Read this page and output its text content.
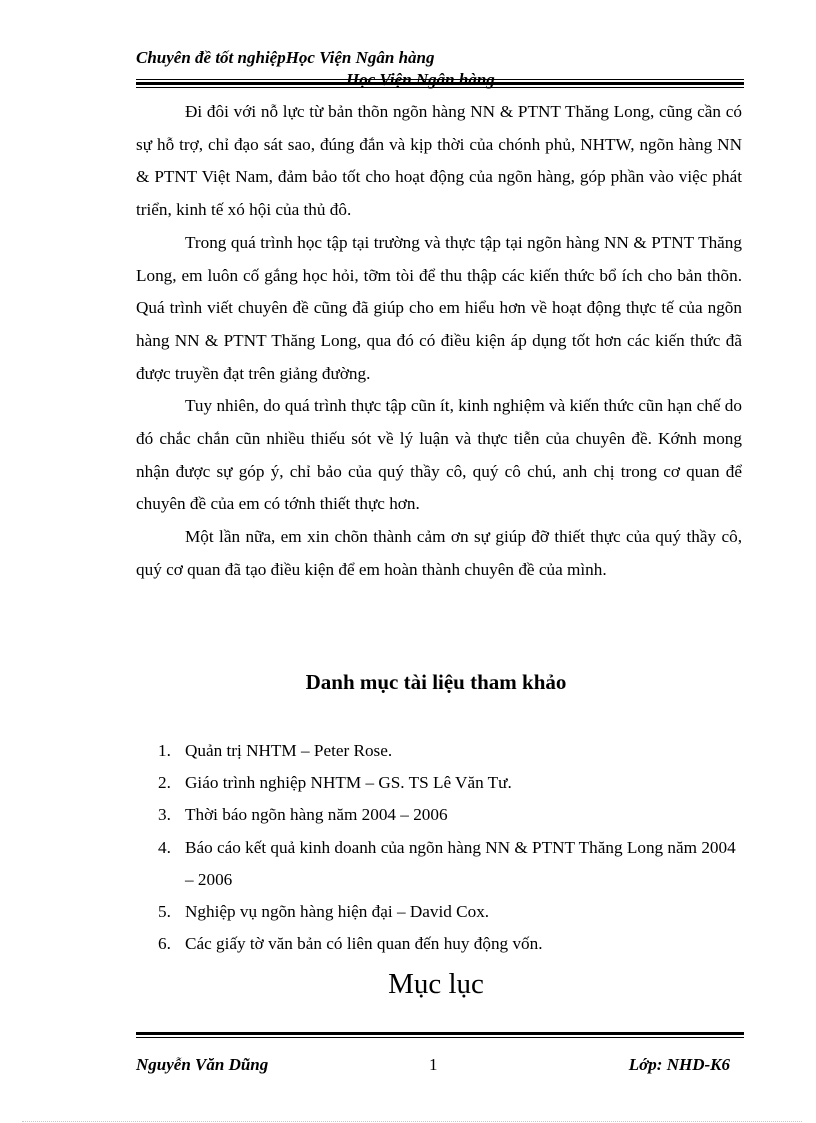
Chuyên đề tốt nghiệpHọc Viện Ngân hàng

Đi đôi với nỗ lực từ bản thõn ngõn hàng NN & PTNT Thăng Long, cũng cần có sự hỗ trợ, chỉ đạo sát sao, đúng đắn và kịp thời của chónh phủ, NHTW, ngõn hàng NN & PTNT Việt Nam, đảm bảo tốt cho hoạt động của ngõn hàng, góp phần vào việc phát triển, kinh tế xó hội của thủ đô.

Trong quá trình học tập tại trường và thực tập tại ngõn hàng NN & PTNT Thăng Long, em luôn cố gắng học hỏi, tỡm tòi để thu thập các kiến thức bổ ích cho bản thõn. Quá trình viết chuyên đề cũng đã giúp cho em hiểu hơn về hoạt động thực tế của ngõn hàng NN & PTNT Thăng Long, qua đó có điều kiện áp dụng tốt hơn các kiến thức đã được truyền đạt trên giảng đường.

Tuy nhiên, do quá trình thực tập cũn ít, kinh nghiệm và kiến thức cũn hạn chế do đó chắc chắn cũn nhiều thiếu sót về lý luận và thực tiễn của chuyên đề. Kớnh mong nhận được sự góp ý, chỉ bảo của quý thầy cô, quý cô chú, anh chị trong cơ quan để chuyên đề của em có tớnh thiết thực hơn.

Một lần nữa, em xin chõn thành cảm ơn sự giúp đỡ thiết thực của quý thầy cô, quý cơ quan đã tạo điều kiện để em hoàn thành chuyên đề của mình.

Danh mục tài liệu tham khảo
1. Quản trị NHTM – Peter Rose.
2. Giáo trình nghiệp NHTM – GS. TS Lê Văn Tư.
3. Thời báo ngõn hàng năm 2004 – 2006
4. Báo cáo kết quả kinh doanh của ngõn hàng NN & PTNT Thăng Long năm 2004 – 2006
5. Nghiệp vụ ngõn hàng hiện đại – David Cox.
6. Các giấy tờ văn bản có liên quan đến huy động vốn.
Mục lục
Nguyễn Văn Dũng	1	Lớp: NHD-K6
